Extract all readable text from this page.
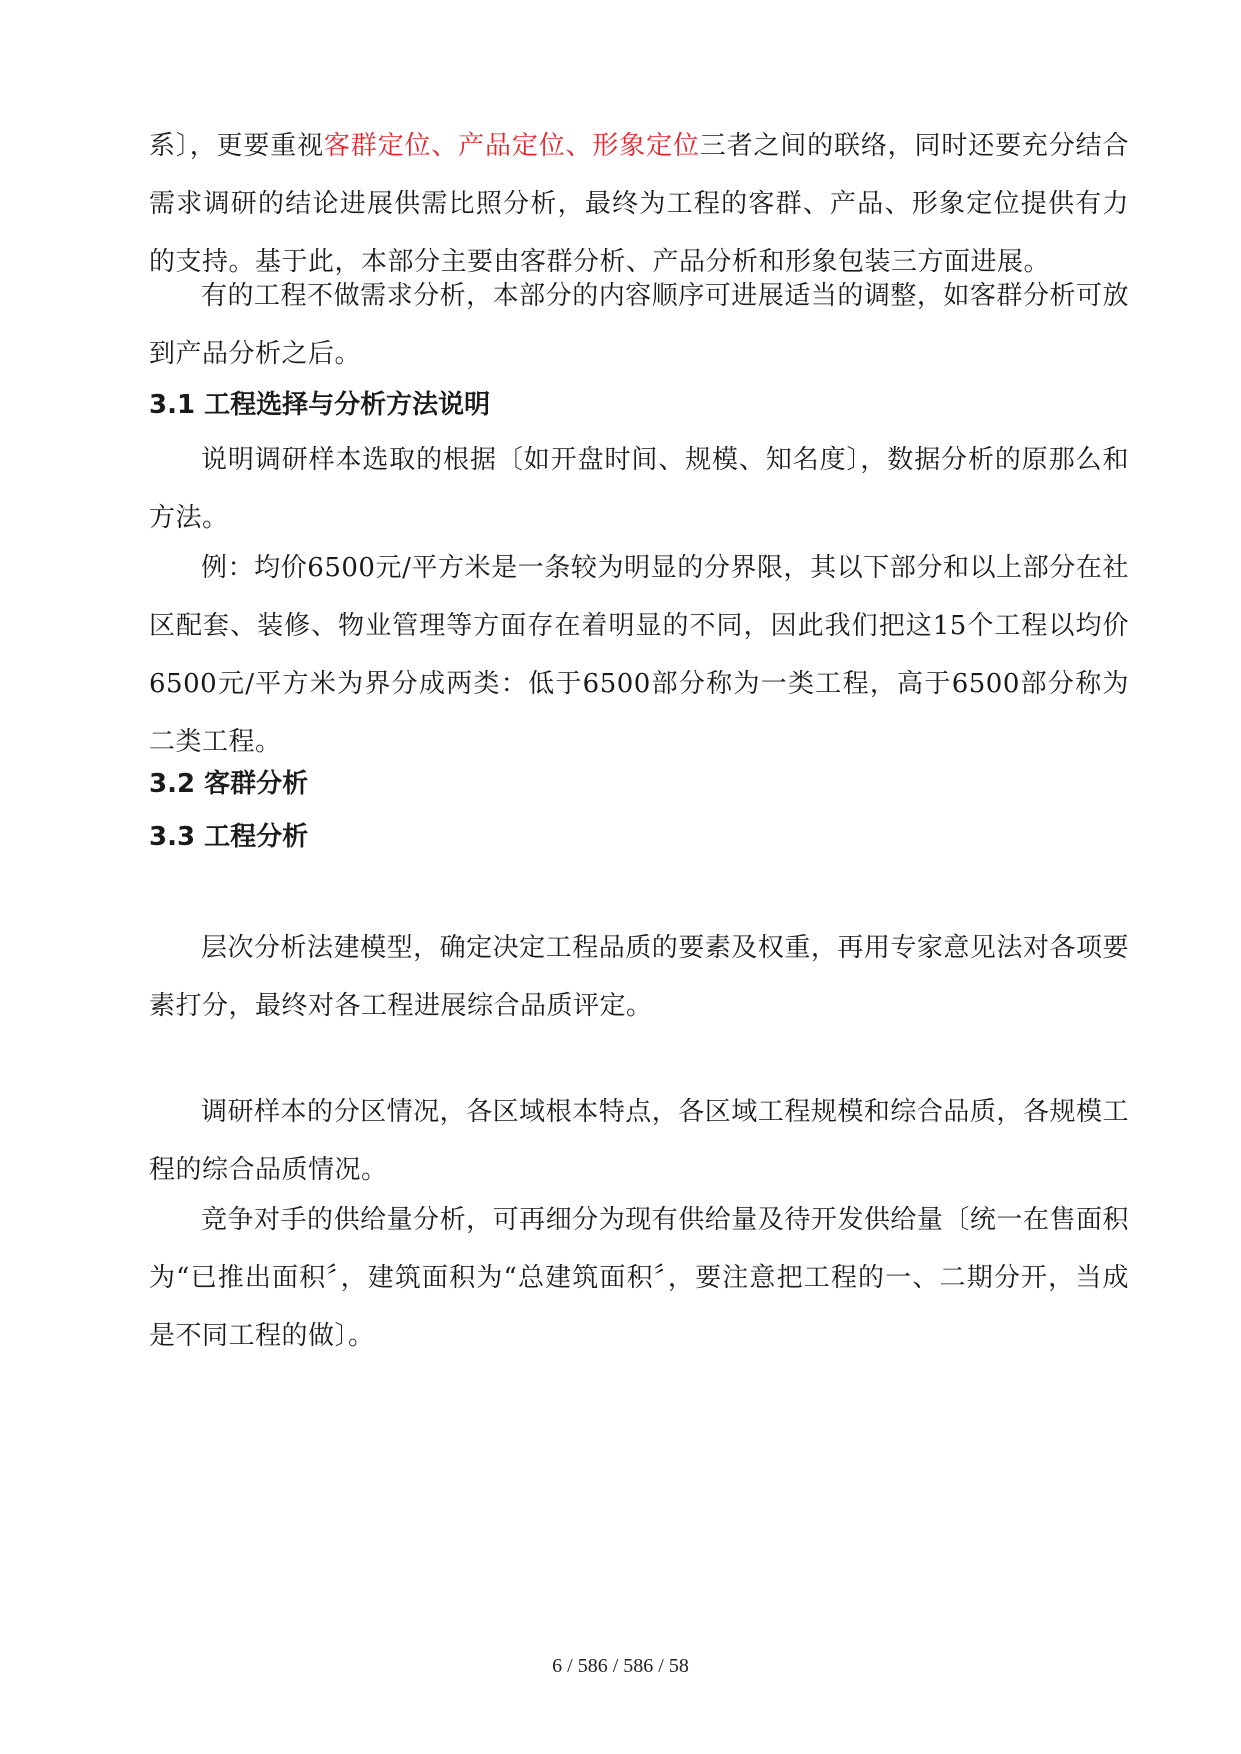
系〕，更要重视客群定位、产品定位、形象定位三者之间的联络，同时还要充分结合需求调研的结论进展供需比照分析，最终为工程的客群、产品、形象定位提供有力的支持。基于此，本部分主要由客群分析、产品分析和形象包装三方面进展。

有的工程不做需求分析，本部分的内容顺序可进展适当的调整，如客群分析可放到产品分析之后。

3.1 工程选择与分析方法说明

说明调研样本选取的根据〔如开盘时间、规模、知名度〕，数据分析的原那么和方法。

例：均价6500元/平方米是一条较为明显的分界限，其以下部分和以上部分在社区配套、装修、物业管理等方面存在着明显的不同，因此我们把这15个工程以均价6500元/平方米为界分成两类：低于6500部分称为一类工程，高于6500部分称为二类工程。

3.2 客群分析
3.3 工程分析

层次分析法建模型，确定决定工程品质的要素及权重，再用专家意见法对各项要素打分，最终对各工程进展综合品质评定。

调研样本的分区情况，各区域根本特点，各区域工程规模和综合品质，各规模工程的综合品质情况。

竞争对手的供给量分析，可再细分为现有供给量及待开发供给量〔统一在售面积为“已推出面积〞，建筑面积为“总建筑面积〞，要注意把工程的一、二期分开，当成是不同工程的做〕。

6 / 586 / 586 / 58
